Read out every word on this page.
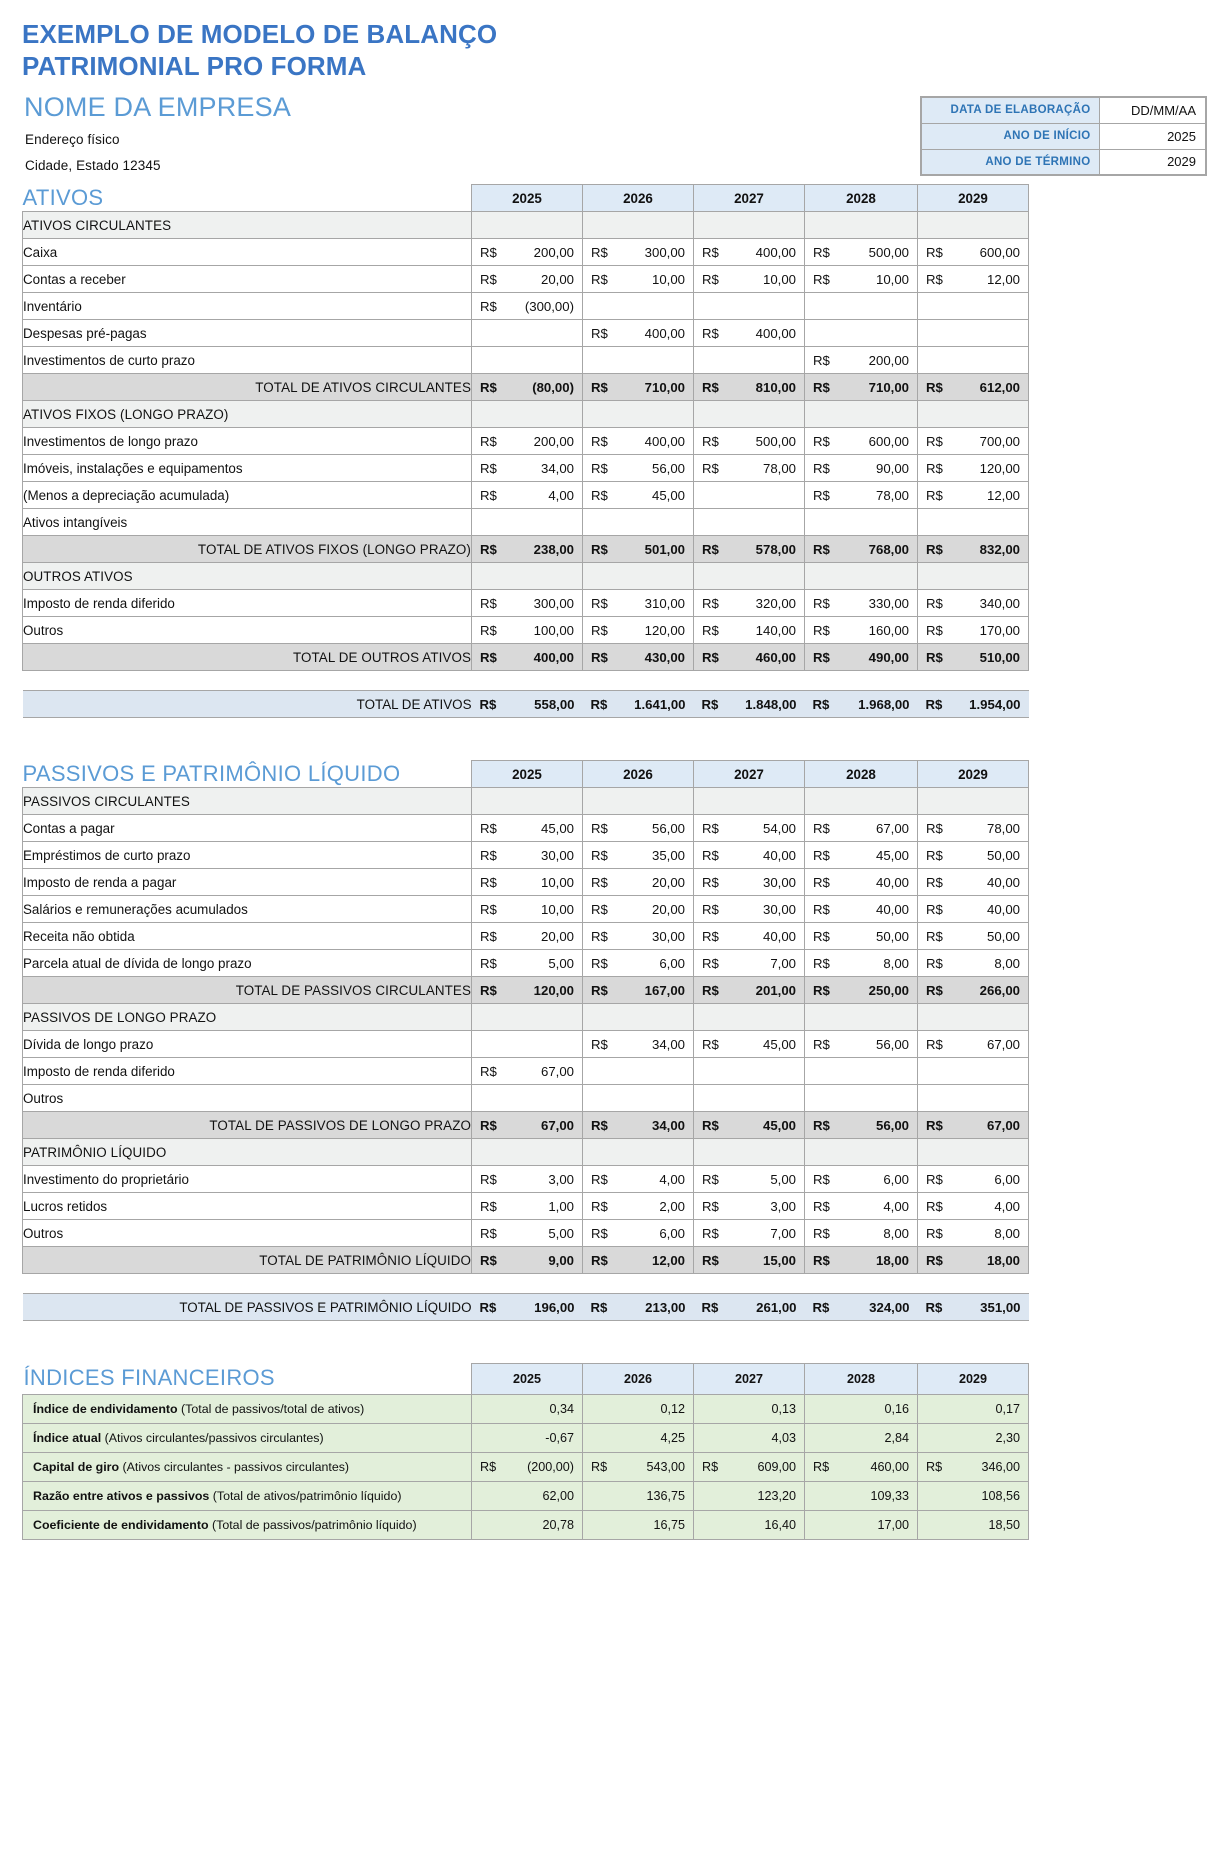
EXEMPLO DE MODELO DE BALANÇO
PATRIMONIAL PRO FORMA
NOME DA EMPRESA
Endereço físico
Cidade, Estado 12345
DATA DE ELABORAÇÃO	DD/MM/AA
ANO DE INÍCIO	2025
ANO DE TÉRMINO	2029
ATIVOS	2025	2026	2027	2028	2029
ATIVOS CIRCULANTES	

Caixa	R$ 200,00	R$ 300,00	R$ 400,00	R$ 500,00	R$ 600,00

Contas a receber	R$ 20,00	R$ 10,00	R$ 10,00	R$ 10,00	R$ 12,00

Inventário	R$ (300,00)				

Despesas pré-pagas		R$ 400,00	R$ 400,00		

Investimentos de curto prazo				R$ 200,00	

TOTAL DE ATIVOS CIRCULANTES	R$ (80,00)	R$ 710,00	R$ 810,00	R$ 710,00	R$ 612,00

ATIVOS FIXOS (LONGO PRAZO)	

Investimentos de longo prazo	R$ 200,00	R$ 400,00	R$ 500,00	R$ 600,00	R$ 700,00

Imóveis, instalações e equipamentos	R$ 34,00	R$ 56,00	R$ 78,00	R$ 90,00	R$ 120,00

(Menos a depreciação acumulada)	R$ 4,00	R$ 45,00		R$ 78,00	R$ 12,00

Ativos intangíveis	

TOTAL DE ATIVOS FIXOS (LONGO PRAZO)	R$ 238,00	R$ 501,00	R$ 578,00	R$ 768,00	R$ 832,00

OUTROS ATIVOS	

Imposto de renda diferido	R$ 300,00	R$ 310,00	R$ 320,00	R$ 330,00	R$ 340,00

Outros	R$ 100,00	R$ 120,00	R$ 140,00	R$ 160,00	R$ 170,00

TOTAL DE OUTROS ATIVOS	R$ 400,00	R$ 430,00	R$ 460,00	R$ 490,00	R$ 510,00

TOTAL DE ATIVOS	R$ 558,00	R$ 1.641,00	R$ 1.848,00	R$ 1.968,00	R$ 1.954,00
PASSIVOS E PATRIMÔNIO LÍQUIDO	2025	2026	2027	2028	2029
PASSIVOS CIRCULANTES	

Contas a pagar	R$ 45,00	R$ 56,00	R$ 54,00	R$ 67,00	R$ 78,00

Empréstimos de curto prazo	R$ 30,00	R$ 35,00	R$ 40,00	R$ 45,00	R$ 50,00

Imposto de renda a pagar	R$ 10,00	R$ 20,00	R$ 30,00	R$ 40,00	R$ 40,00

Salários e remunerações acumulados	R$ 10,00	R$ 20,00	R$ 30,00	R$ 40,00	R$ 40,00

Receita não obtida	R$ 20,00	R$ 30,00	R$ 40,00	R$ 50,00	R$ 50,00

Parcela atual de dívida de longo prazo	R$ 5,00	R$ 6,00	R$ 7,00	R$ 8,00	R$ 8,00

TOTAL DE PASSIVOS CIRCULANTES	R$ 120,00	R$ 167,00	R$ 201,00	R$ 250,00	R$ 266,00

PASSIVOS DE LONGO PRAZO	

Dívida de longo prazo		R$ 34,00	R$ 45,00	R$ 56,00	R$ 67,00

Imposto de renda diferido	R$ 67,00				

Outros	

TOTAL DE PASSIVOS DE LONGO PRAZO	R$ 67,00	R$ 34,00	R$ 45,00	R$ 56,00	R$ 67,00

PATRIMÔNIO LÍQUIDO	

Investimento do proprietário	R$ 3,00	R$ 4,00	R$ 5,00	R$ 6,00	R$ 6,00

Lucros retidos	R$ 1,00	R$ 2,00	R$ 3,00	R$ 4,00	R$ 4,00

Outros	R$ 5,00	R$ 6,00	R$ 7,00	R$ 8,00	R$ 8,00

TOTAL DE PATRIMÔNIO LÍQUIDO	R$ 9,00	R$ 12,00	R$ 15,00	R$ 18,00	R$ 18,00

TOTAL DE PASSIVOS E PATRIMÔNIO LÍQUIDO	R$ 196,00	R$ 213,00	R$ 261,00	R$ 324,00	R$ 351,00
ÍNDICES FINANCEIROS	2025	2026	2027	2028	2029
Índice de endividamento (Total de passivos/total de ativos)	0,34	0,12	0,13	0,16	0,17

Índice atual (Ativos circulantes/passivos circulantes)	-0,67	4,25	4,03	2,84	2,30

Capital de giro (Ativos circulantes - passivos circulantes)	R$ (200,00)	R$ 543,00	R$ 609,00	R$ 460,00	R$ 346,00

Razão entre ativos e passivos (Total de ativos/patrimônio líquido)	62,00	136,75	123,20	109,33	108,56

Coeficiente de endividamento (Total de passivos/patrimônio líquido)	20,78	16,75	16,40	17,00	18,50
